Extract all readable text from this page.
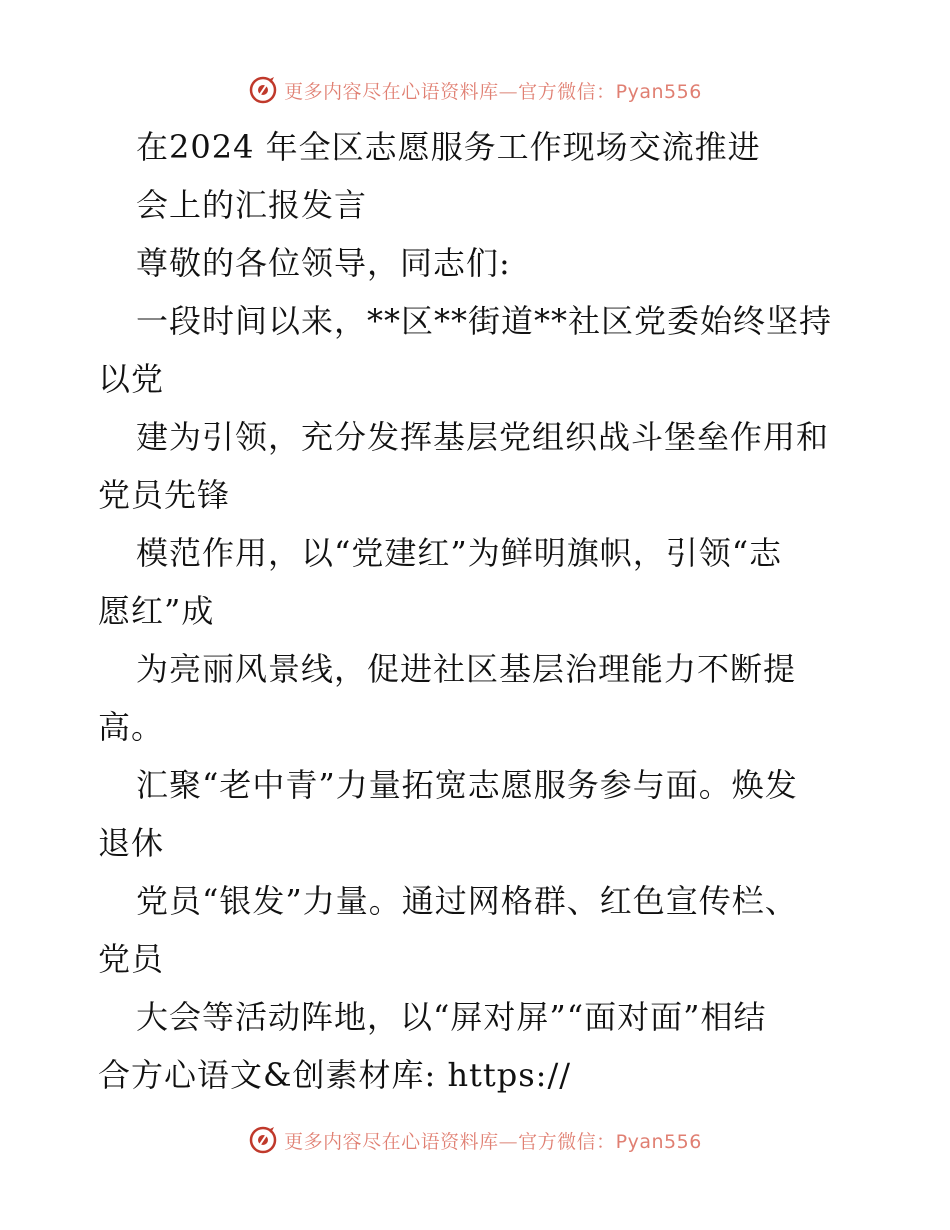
更多内容尽在心语资料库—官方微信：Pyan556
在2024 年全区志愿服务工作现场交流推进
会上的汇报发言
尊敬的各位领导，同志们:
一段时间以来，**区**街道**社区党委始终坚持
以党
建为引领，充分发挥基层党组织战斗堡垒作用和
党员先锋
模范作用，以“党建红”为鲜明旗帜，引领“志
愿红”成
为亮丽风景线，促进社区基层治理能力不断提
高。
汇聚“老中青”力量拓宽志愿服务参与面。焕发
退休
党员“银发”力量。通过网格群、红色宣传栏、
党员
大会等活动阵地，以“屏对屏”“面对面”相结
合方心语文&创素材库: https://
更多内容尽在心语资料库—官方微信：Pyan556
